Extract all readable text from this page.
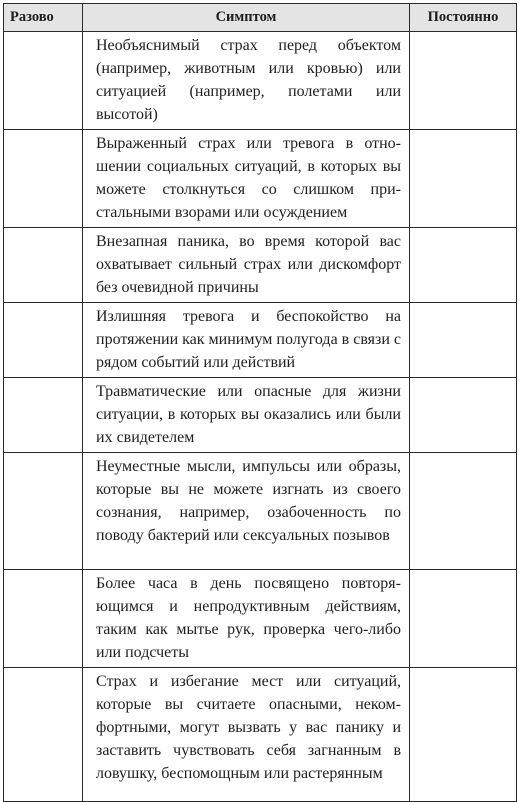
Разово	Симптом	Постоянно
	Необъяснимый страх перед объектом (например, животным или кровью) или ситуацией (например, полетами или высотой)	
	Выраженный страх или тревога в отношении социальных ситуаций, в которых вы можете столкнуться со слишком пристальными взорами или осуждением	
	Внезапная паника, во время которой вас охватывает сильный страх или дискомфорт без очевидной причины	
	Излишняя тревога и беспокойство на протяжении как минимум полугода в связи с рядом событий или действий	
	Травматические или опасные для жизни ситуации, в которых вы оказались или были их свидетелем	
	Неуместные мысли, импульсы или образы, которые вы не можете изгнать из своего сознания, например, озабоченность по поводу бактерий или сексуальных позывов	
	Более часа в день посвящено повторяющимся и непродуктивным действиям, таким как мытье рук, проверка чего-либо или подсчеты	
	Страх и избегание мест или ситуаций, которые вы считаете опасными, некомфортными, могут вызвать у вас панику и заставить чувствовать себя загнанным в ловушку, беспомощным или растерянным	
